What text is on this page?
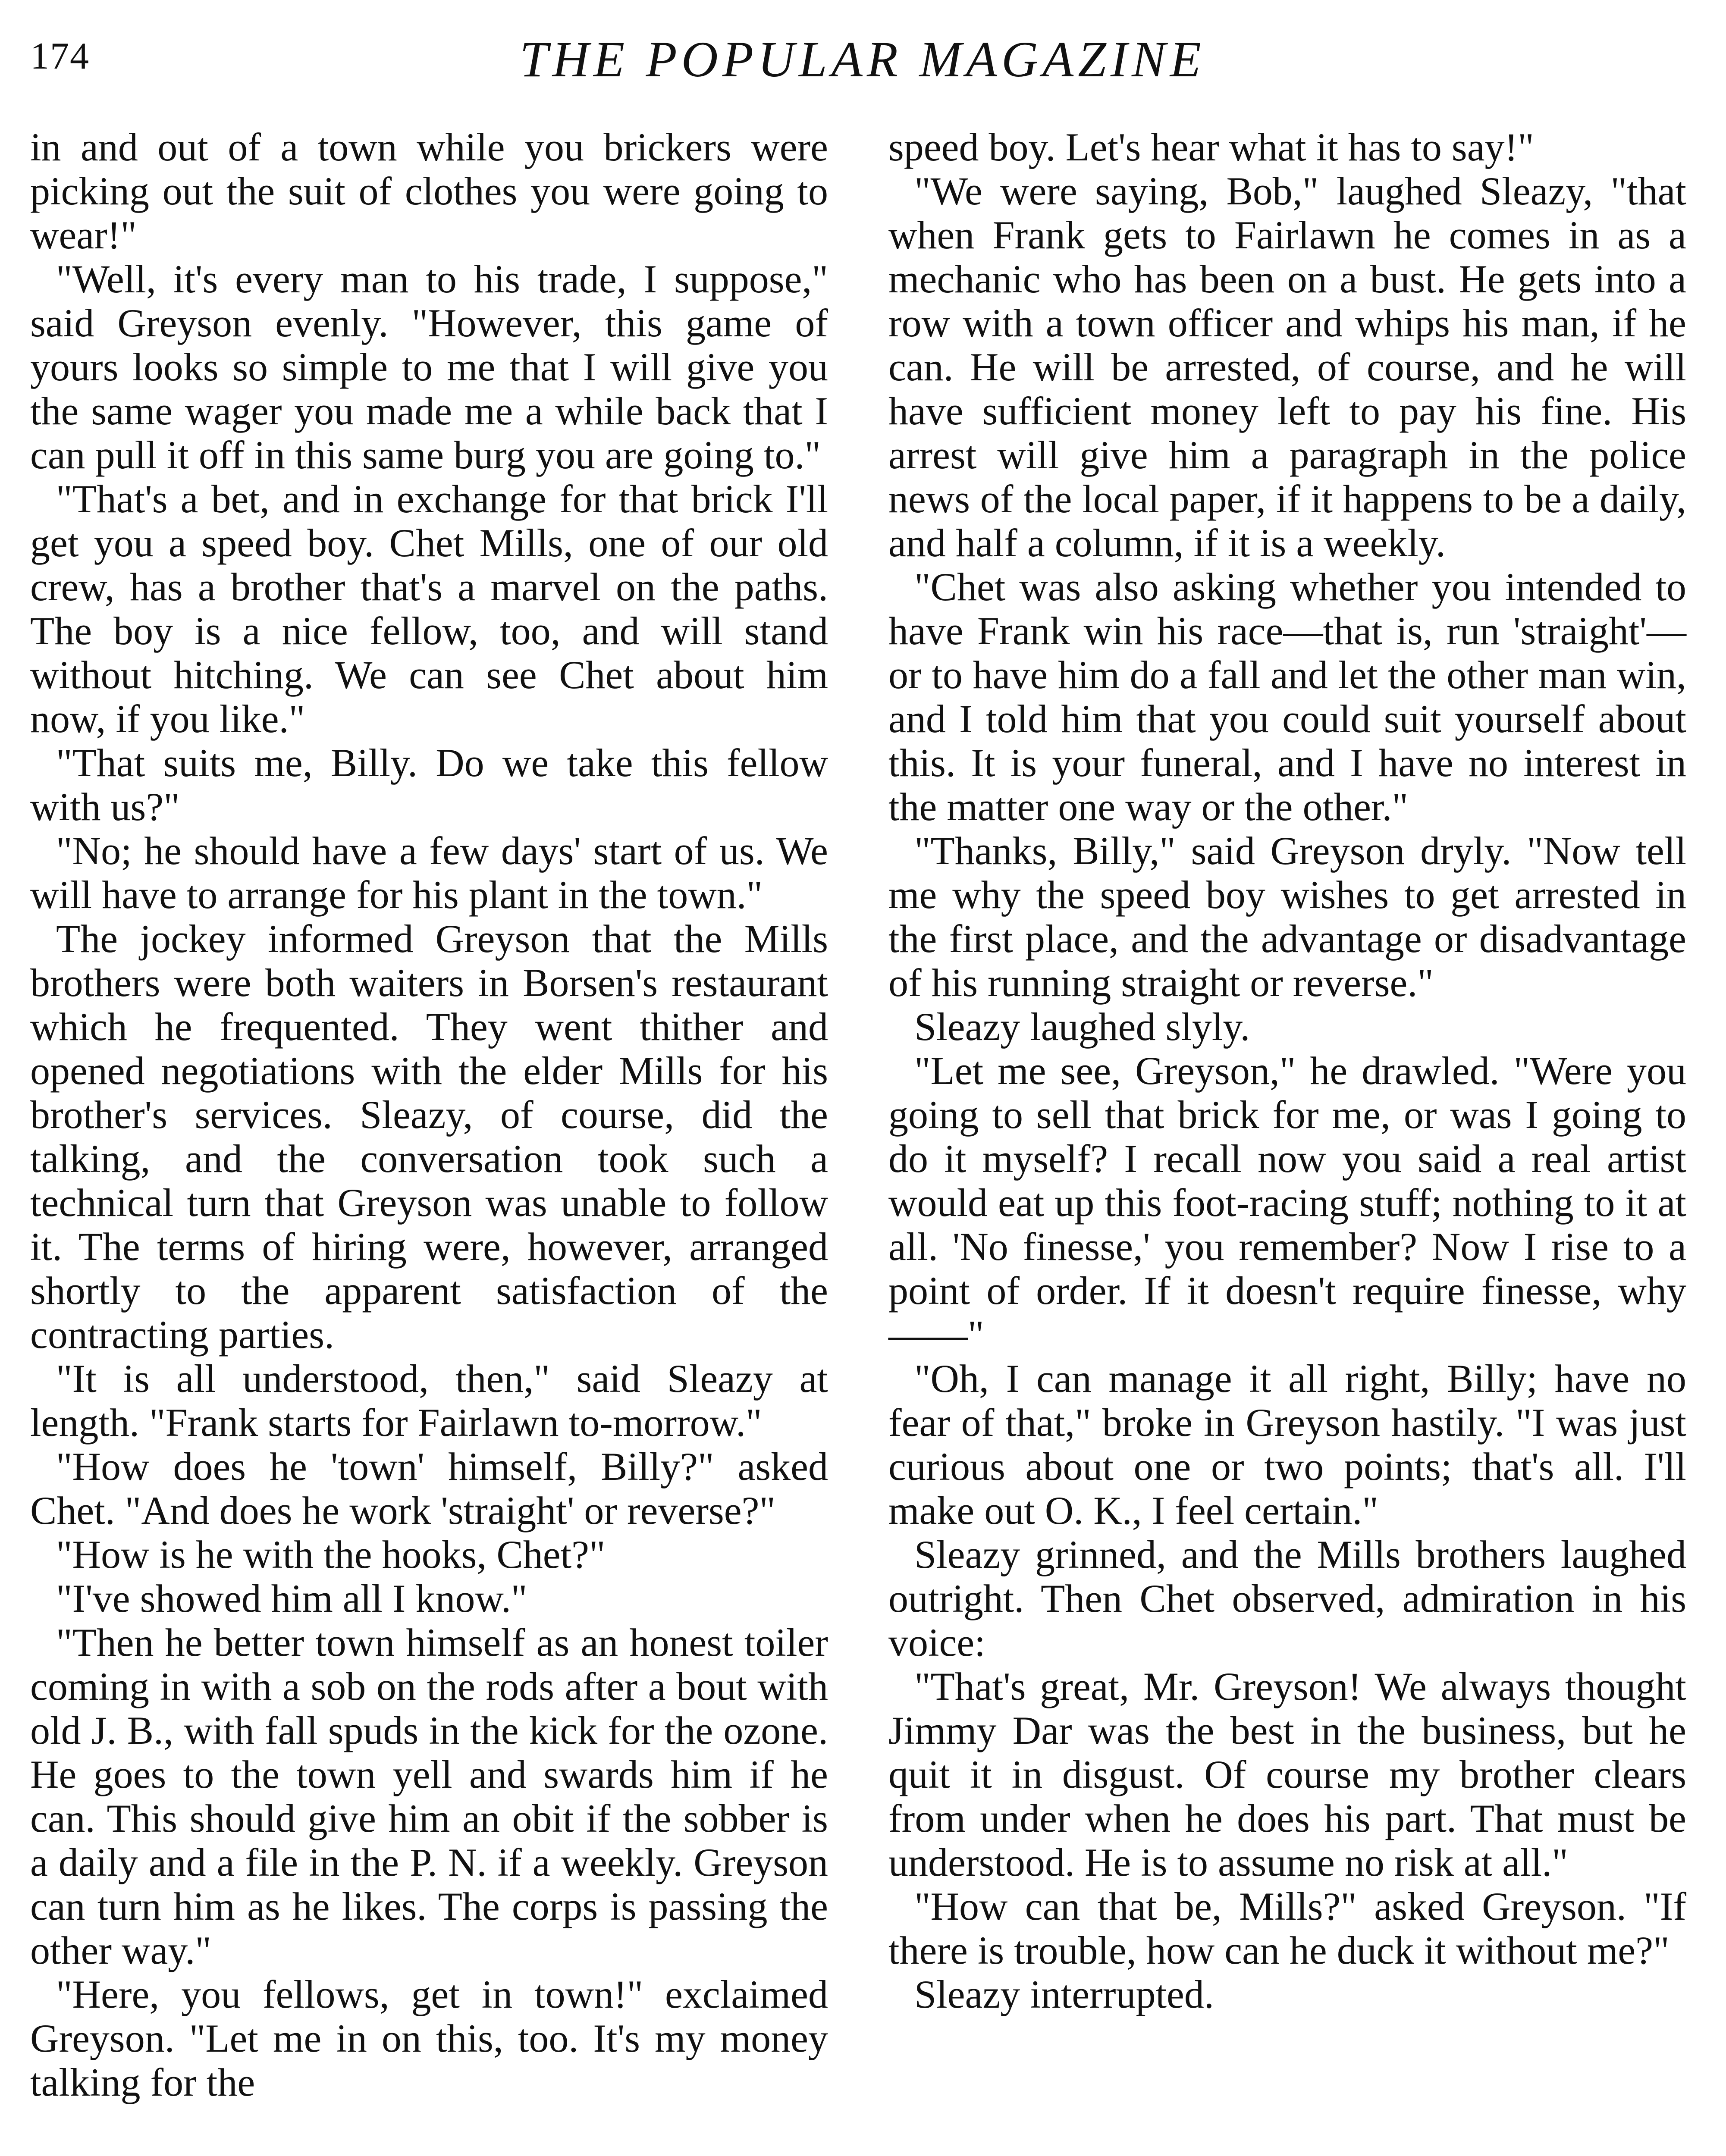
174	THE POPULAR MAGAZINE

in and out of a town while you brickers were picking out the suit of clothes you were going to wear!"

"Well, it's every man to his trade, I suppose," said Greyson evenly. "However, this game of yours looks so simple to me that I will give you the same wager you made me a while back that I can pull it off in this same burg you are going to."

"That's a bet, and in exchange for that brick I'll get you a speed boy. Chet Mills, one of our old crew, has a brother that's a marvel on the paths. The boy is a nice fellow, too, and will stand without hitching. We can see Chet about him now, if you like."

"That suits me, Billy. Do we take this fellow with us?"

"No; he should have a few days' start of us. We will have to arrange for his plant in the town."

The jockey informed Greyson that the Mills brothers were both waiters in Borsen's restaurant which he frequented. They went thither and opened negotiations with the elder Mills for his brother's services. Sleazy, of course, did the talking, and the conversation took such a technical turn that Greyson was unable to follow it. The terms of hiring were, however, arranged shortly to the apparent satisfaction of the contracting parties.

"It is all understood, then," said Sleazy at length. "Frank starts for Fairlawn to-morrow."

"How does he 'town' himself, Billy?" asked Chet. "And does he work 'straight' or reverse?"

"How is he with the hooks, Chet?"

"I've showed him all I know."

"Then he better town himself as an honest toiler coming in with a sob on the rods after a bout with old J. B., with fall spuds in the kick for the ozone. He goes to the town yell and swards him if he can. This should give him an obit if the sobber is a daily and a file in the P. N. if a weekly. Greyson can turn him as he likes. The corps is passing the other way."

"Here, you fellows, get in town!" exclaimed Greyson. "Let me in on this, too. It's my money talking for the

speed boy. Let's hear what it has to say!"

"We were saying, Bob," laughed Sleazy, "that when Frank gets to Fairlawn he comes in as a mechanic who has been on a bust. He gets into a row with a town officer and whips his man, if he can. He will be arrested, of course, and he will have sufficient money left to pay his fine. His arrest will give him a paragraph in the police news of the local paper, if it happens to be a daily, and half a column, if it is a weekly.

"Chet was also asking whether you intended to have Frank win his race—that is, run 'straight'—or to have him do a fall and let the other man win, and I told him that you could suit yourself about this. It is your funeral, and I have no interest in the matter one way or the other."

"Thanks, Billy," said Greyson dryly. "Now tell me why the speed boy wishes to get arrested in the first place, and the advantage or disadvantage of his running straight or reverse."

Sleazy laughed slyly.

"Let me see, Greyson," he drawled. "Were you going to sell that brick for me, or was I going to do it myself? I recall now you said a real artist would eat up this foot-racing stuff; nothing to it at all. 'No finesse,' you remember? Now I rise to a point of order. If it doesn't require finesse, why——"

"Oh, I can manage it all right, Billy; have no fear of that," broke in Greyson hastily. "I was just curious about one or two points; that's all. I'll make out O. K., I feel certain."

Sleazy grinned, and the Mills brothers laughed outright. Then Chet observed, admiration in his voice:

"That's great, Mr. Greyson! We always thought Jimmy Dar was the best in the business, but he quit it in disgust. Of course my brother clears from under when he does his part. That must be understood. He is to assume no risk at all."

"How can that be, Mills?" asked Greyson. "If there is trouble, how can he duck it without me?"

Sleazy interrupted.
